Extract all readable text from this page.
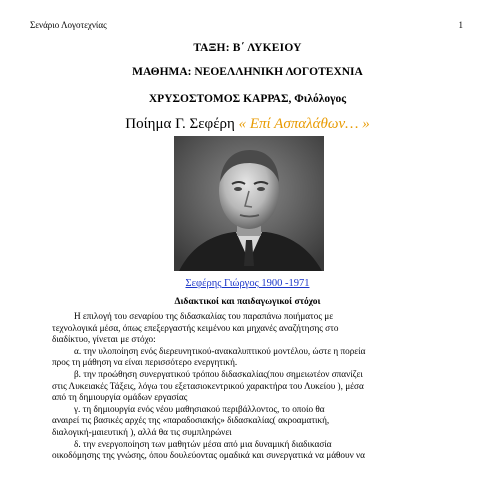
Σενάριο Λογοτεχνίας	1
ΤΑΞΗ: Β΄ ΛΥΚΕΙΟΥ
ΜΑΘΗΜΑ: ΝΕΟΕΛΛΗΝΙΚΗ ΛΟΓΟΤΕΧΝΙΑ
ΧΡΥΣΟΣΤΟΜΟΣ ΚΑΡΡΑΣ, Φιλόλογος
Ποίημα Γ. Σεφέρη « Επί Ασπαλάθων… »
Σεφέρης Γιώργος 1900 -1971
Διδακτικοί και παιδαγωγικοί στόχοι
Η επιλογή του σεναρίου της διδασκαλίας του παραπάνω ποιήματος με
τεχνολογικά μέσα, όπως επεξεργαστής κειμένου και μηχανές αναζήτησης στο
διαδίκτυο, γίνεται με στόχο:
α. την υλοποίηση ενός διερευνητικού-ανακαλυπτικού μοντέλου, ώστε η πορεία
προς τη μάθηση να είναι περισσότερο ενεργητική.
β. την προώθηση συνεργατικού τρόπου διδασκαλίας(που σημειωτέον σπανίζει
στις Λυκειακές Τάξεις, λόγω του εξετασιοκεντρικού χαρακτήρα του Λυκείου ), μέσα
από τη δημιουργία ομάδων εργασίας
γ. τη δημιουργία ενός νέου μαθησιακού περιβάλλοντος, το οποίο θα
αναιρεί τις βασικές αρχές της «παραδοσιακής» διδασκαλίας( ακροαματική,
διαλογική-μαιευτική ), αλλά θα τις συμπληρώνει
δ. την ενεργοποίηση των μαθητών μέσα από μια δυναμική διαδικασία
οικοδόμησης της γνώσης, όπου δουλεύοντας ομαδικά και συνεργατικά να μάθουν να
